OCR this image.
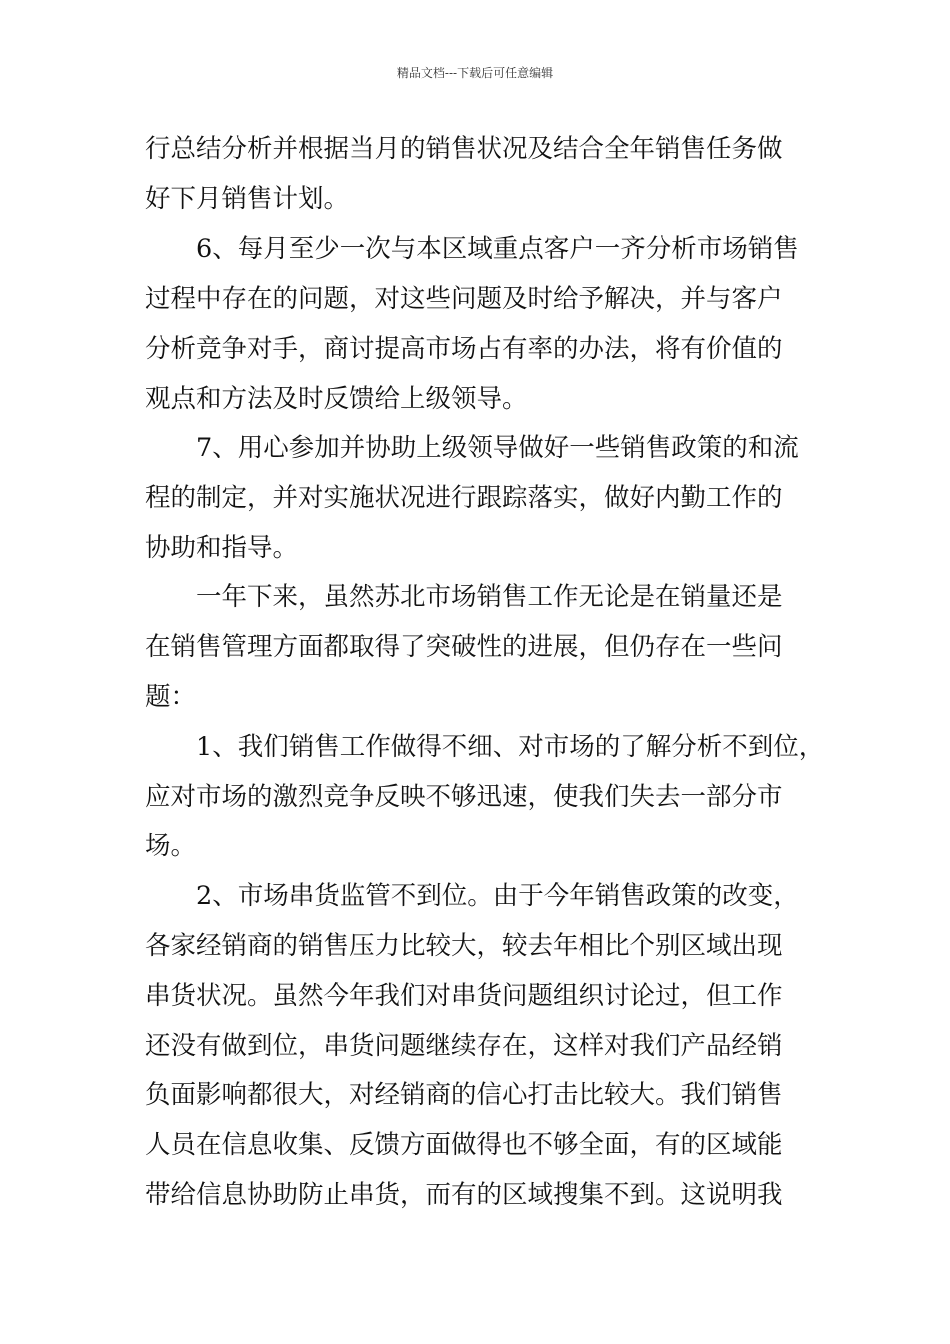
精品文档---下载后可任意编辑
行总结分析并根据当月的销售状况及结合全年销售任务做
好下月销售计划。
6、每月至少一次与本区域重点客户一齐分析市场销售
过程中存在的问题，对这些问题及时给予解决，并与客户
分析竞争对手，商讨提高市场占有率的办法，将有价值的
观点和方法及时反馈给上级领导。
7、用心参加并协助上级领导做好一些销售政策的和流
程的制定，并对实施状况进行跟踪落实，做好内勤工作的
协助和指导。
一年下来，虽然苏北市场销售工作无论是在销量还是
在销售管理方面都取得了突破性的进展，但仍存在一些问
题：
1、我们销售工作做得不细、对市场的了解分析不到位，
应对市场的激烈竞争反映不够迅速，使我们失去一部分市
场。
2、市场串货监管不到位。由于今年销售政策的改变，
各家经销商的销售压力比较大，较去年相比个别区域出现
串货状况。虽然今年我们对串货问题组织讨论过，但工作
还没有做到位，串货问题继续存在，这样对我们产品经销
负面影响都很大，对经销商的信心打击比较大。我们销售
人员在信息收集、反馈方面做得也不够全面，有的区域能
带给信息协助防止串货，而有的区域搜集不到。这说明我
